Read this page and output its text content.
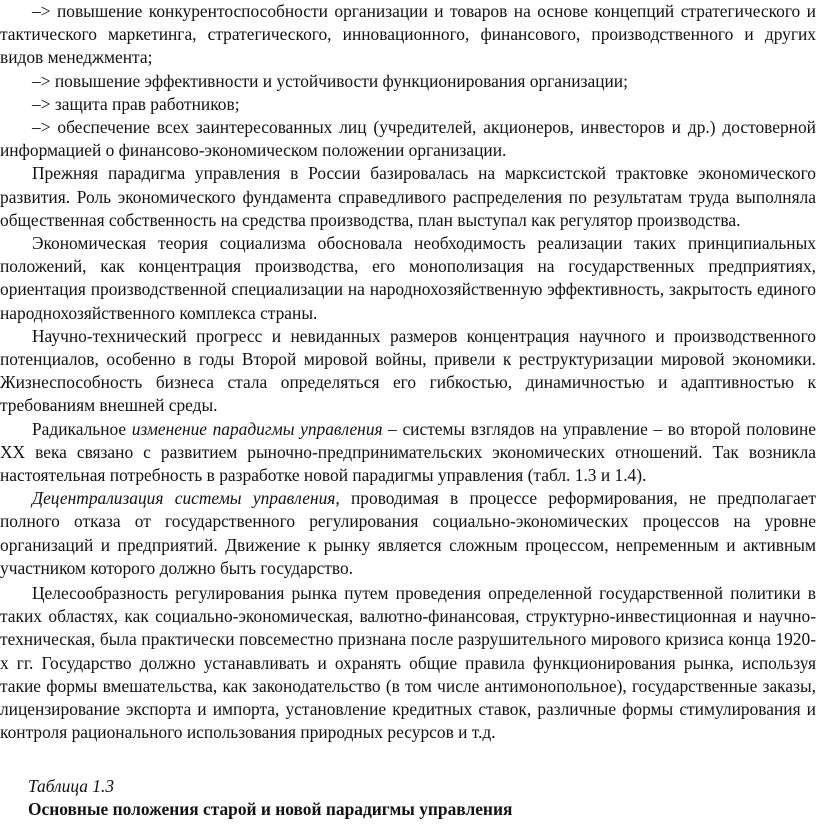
–> повышение конкурентоспособности организации и товаров на основе концепций стратегического и тактического маркетинга, стратегического, инновационного, финансового, производственного и других видов менеджмента;

–> повышение эффективности и устойчивости функционирования организации;

–> защита прав работников;

–> обеспечение всех заинтересованных лиц (учредителей, акционеров, инвесторов и др.) достоверной информацией о финансово-экономическом положении организации.

Прежняя парадигма управления в России базировалась на марксистской трактовке экономического развития. Роль экономического фундамента справедливого распределения по результатам труда выполняла общественная собственность на средства производства, план выступал как регулятор производства.

Экономическая теория социализма обосновала необходимость реализации таких принципиальных положений, как концентрация производства, его монополизация на государственных предприятиях, ориентация производственной специализации на народнохозяйственную эффективность, закрытость единого народнохозяйственного комплекса страны.

Научно-технический прогресс и невиданных размеров концентрация научного и производственного потенциалов, особенно в годы Второй мировой войны, привели к реструктуризации мировой экономики. Жизнеспособность бизнеса стала определяться его гибкостью, динамичностью и адаптивностью к требованиям внешней среды.

Радикальное изменение парадигмы управления – системы взглядов на управление – во второй половине XX века связано с развитием рыночно-предпринимательских экономических отношений. Так возникла настоятельная потребность в разработке новой парадигмы управления (табл. 1.3 и 1.4).

Децентрализация системы управления, проводимая в процессе реформирования, не предполагает полного отказа от государственного регулирования социально-экономических процессов на уровне организаций и предприятий. Движение к рынку является сложным процессом, непременным и активным участником которого должно быть государство.

Целесообразность регулирования рынка путем проведения определенной государственной политики в таких областях, как социально-экономическая, валютно-финансовая, структурно-инвестиционная и научно-техническая, была практически повсеместно признана после разрушительного мирового кризиса конца 1920-х гг. Государство должно устанавливать и охранять общие правила функционирования рынка, используя такие формы вмешательства, как законодательство (в том числе антимонопольное), государственные заказы, лицензирование экспорта и импорта, установление кредитных ставок, различные формы стимулирования и контроля рационального использования природных ресурсов и т.д.

Таблица 1.3

Основные положения старой и новой парадигмы управления
